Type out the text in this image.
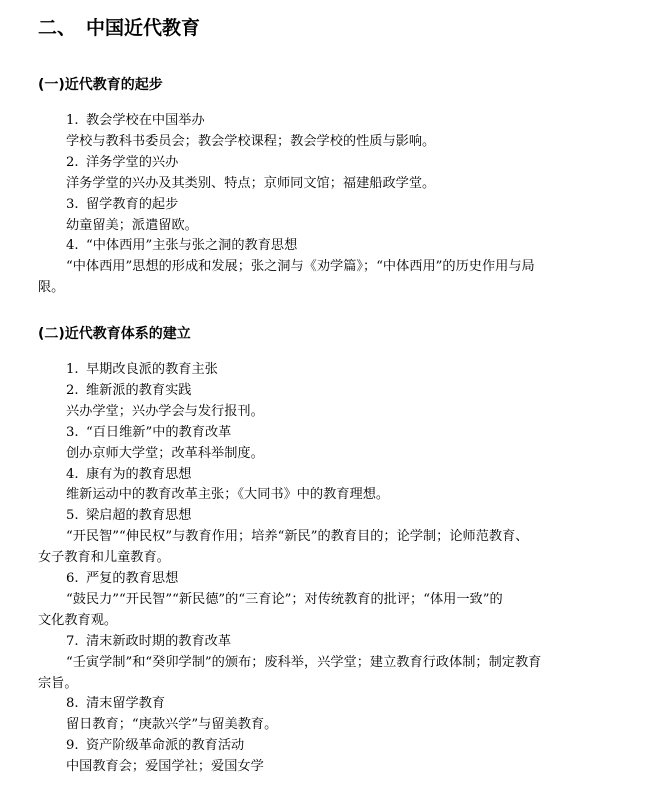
二、 中国近代教育
(一)近代教育的起步
1. 教会学校在中国举办
学校与教科书委员会；教会学校课程；教会学校的性质与影响。
2. 洋务学堂的兴办
洋务学堂的兴办及其类别、特点；京师同文馆；福建船政学堂。
3. 留学教育的起步
幼童留美；派遣留欧。
4. “中体西用”主张与张之洞的教育思想
“中体西用”思想的形成和发展；张之洞与《劝学篇》；“中体西用”的历史作用与局
限。
(二)近代教育体系的建立
1. 早期改良派的教育主张
2. 维新派的教育实践
兴办学堂；兴办学会与发行报刊。
3. “百日维新”中的教育改革
创办京师大学堂；改革科举制度。
4. 康有为的教育思想
维新运动中的教育改革主张；《大同书》中的教育理想。
5. 梁启超的教育思想
“开民智”“伸民权”与教育作用；培养“新民”的教育目的；论学制；论师范教育、
女子教育和儿童教育。
6. 严复的教育思想
“鼓民力”“开民智”“新民德”的“三育论”；对传统教育的批评；“体用一致”的
文化教育观。
7. 清末新政时期的教育改革
“壬寅学制”和“癸卯学制”的颁布；废科举，兴学堂；建立教育行政体制；制定教育
宗旨。
8. 清末留学教育
留日教育；“庚款兴学”与留美教育。
9. 资产阶级革命派的教育活动
中国教育会；爱国学社；爱国女学
